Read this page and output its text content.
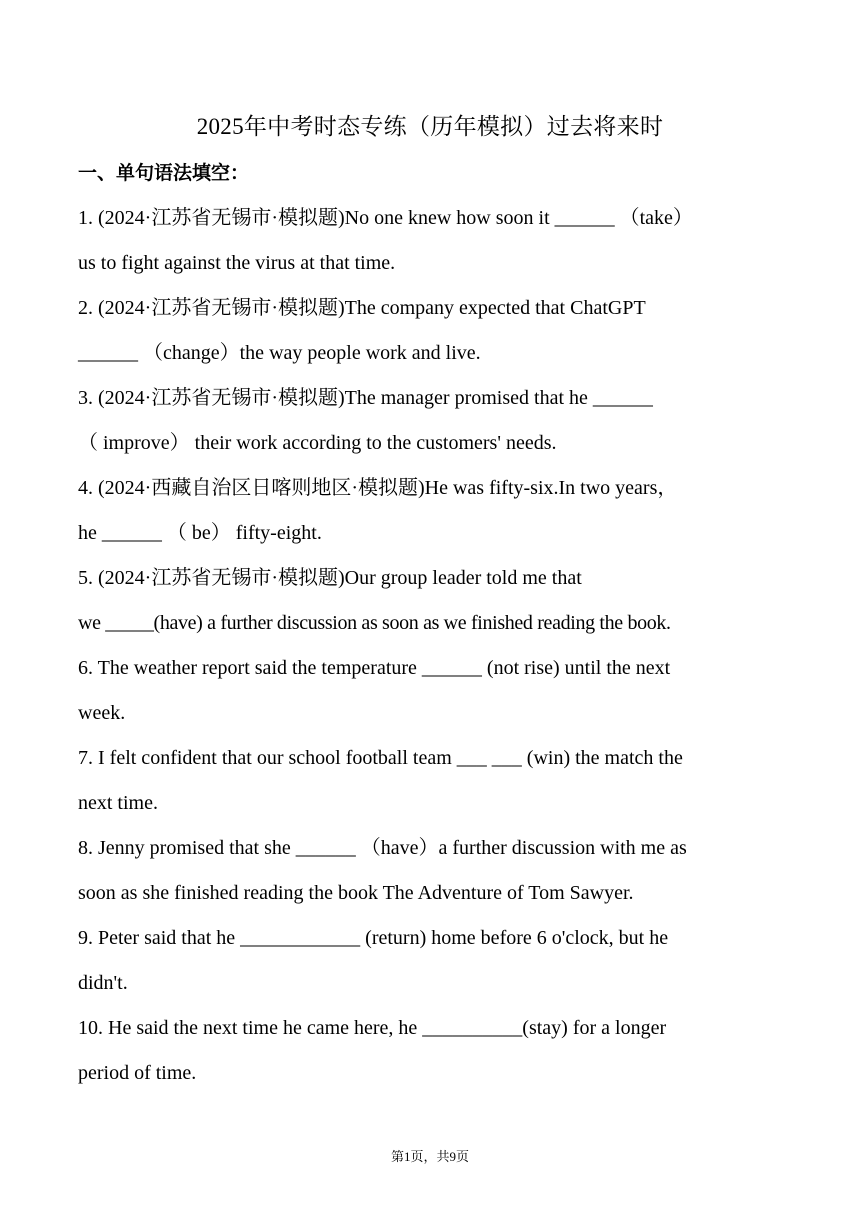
2025年中考时态专练（历年模拟）过去将来时
一、单句语法填空：
1. (2024·江苏省无锡市·模拟题)No one knew how soon it ______ （take）
us to fight against the virus at that time.
2. (2024·江苏省无锡市·模拟题)The company expected that ChatGPT
______ （change）the way people work and live.
3. (2024·江苏省无锡市·模拟题)The manager promised that he ______
（ improve） their work according to the customers' needs.
4. (2024·西藏自治区日喀则地区·模拟题)He was fifty-six.In two years，
he ______ （ be） fifty-eight.
5. (2024·江苏省无锡市·模拟题)Our group leader told me that
we _____(have) a further discussion as soon as we finished reading the book.
6. The weather report said the temperature ______ (not rise) until the next
week.
7. I felt confident that our school football team ___ ___ (win) the match the
next time.
8. Jenny promised that she ______ （have）a further discussion with me as
soon as she finished reading the book The Adventure of Tom Sawyer.
9. Peter said that he ____________ (return) home before 6 o'clock, but he
didn't.
10. He said the next time he came here, he __________(stay) for a longer
period of time.
第1页，共9页
